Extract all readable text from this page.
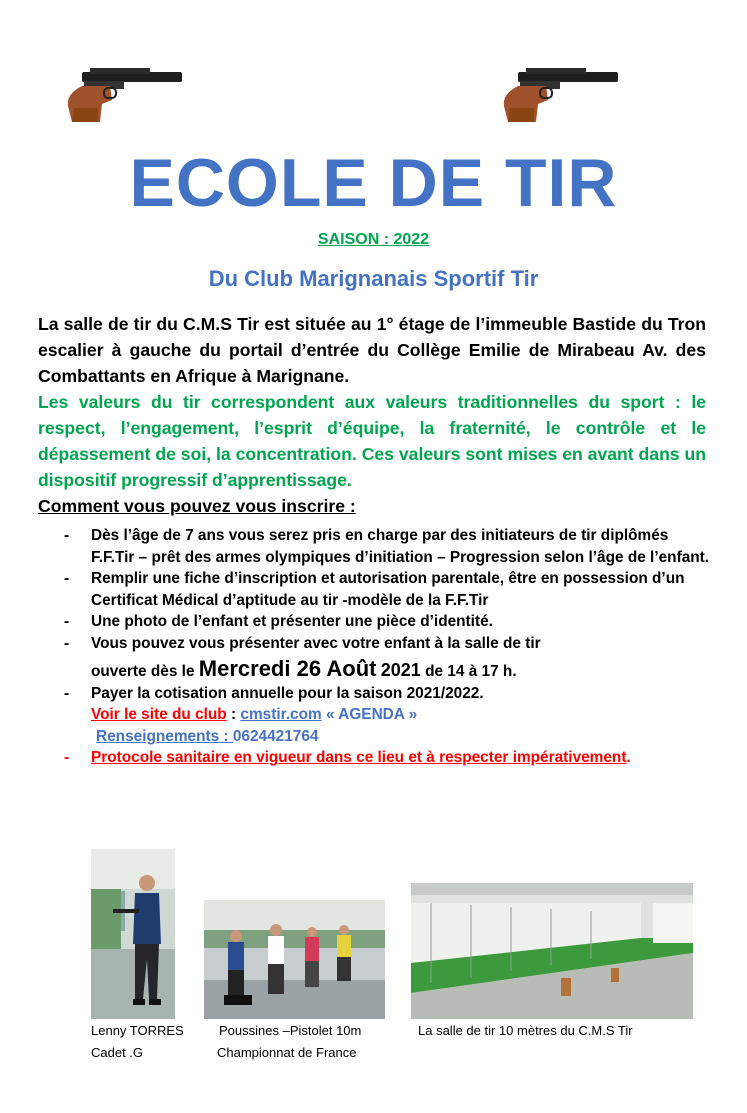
ECOLE DE TIR
SAISON : 2022
Du Club Marignanais Sportif Tir

La salle de tir du C.M.S Tir est située au 1° étage de l’immeuble Bastide du Tron escalier à gauche du portail d’entrée du Collège Emilie de Mirabeau Av. des Combattants en Afrique à Marignane.

Les valeurs du tir correspondent aux valeurs traditionnelles du sport : le respect, l’engagement, l’esprit d’équipe, la fraternité, le contrôle et le dépassement de soi, la concentration. Ces valeurs sont mises en avant dans un dispositif progressif d’apprentissage.

Comment vous pouvez vous inscrire :

- Dès l’âge de 7 ans vous serez pris en charge par des initiateurs de tir diplômés F.F.Tir – prêt des armes olympiques d’initiation – Progression selon l’âge de l’enfant.
- Remplir une fiche d’inscription et autorisation parentale, être en possession d’un Certificat Médical d’aptitude au tir -modèle de la F.F.Tir
- Une photo de l’enfant et présenter une pièce d’identité.
- Vous pouvez vous présenter avec votre enfant à la salle de tir
ouverte dès le Mercredi 26 Août 2021 de 14 à 17 h.
- Payer la cotisation annuelle pour la saison 2021/2022.
Voir le site du club : cmstir.com « AGENDA »
Renseignements : 0624421764
- Protocole sanitaire en vigueur dans ce lieu et à respecter impérativement.
Lenny TORRES
Cadet .G
Poussines –Pistolet 10m
Championnat de France
La salle de tir 10 mètres du C.M.S Tir
